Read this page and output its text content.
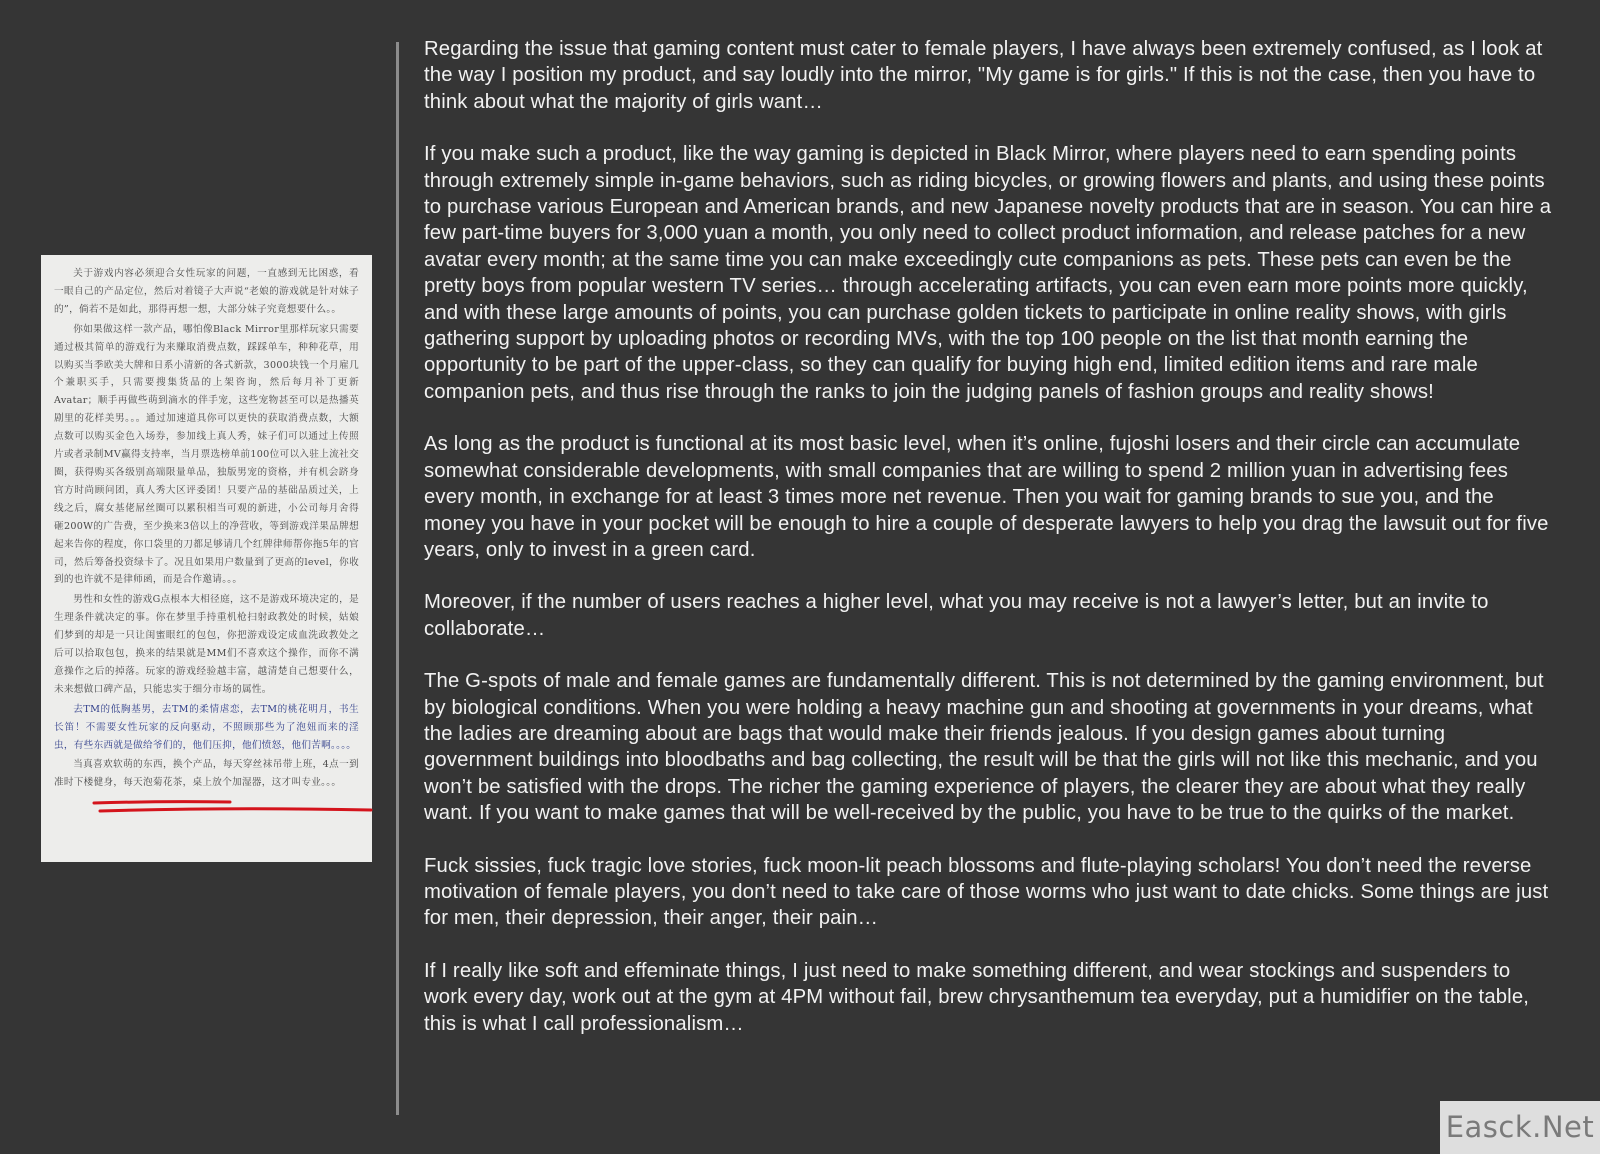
关于游戏内容必须迎合女性玩家的问题，一直感到无比困惑，看一眼自己的产品定位，然后对着镜子大声说“老娘的游戏就是针对妹子的”，倘若不是如此，那得再想一想，大部分妹子究竟想要什么。。

你如果做这样一款产品，哪怕像Black Mirror里那样玩家只需要通过极其简单的游戏行为来赚取消费点数，踩踩单车，种种花草，用以购买当季欧美大牌和日系小清新的各式新款，3000块钱一个月雇几个兼职买手，只需要搜集货品的上架咨询，然后每月补丁更新Avatar；顺手再做些萌到滴水的伴手宠，这些宠物甚至可以是热播英剧里的花样美男。。。通过加速道具你可以更快的获取消费点数，大额点数可以购买金色入场券，参加线上真人秀，妹子们可以通过上传照片或者录制MV赢得支持率，当月票选榜单前100位可以入驻上流社交圈，获得购买各级别高端限量单品，独版男宠的资格，并有机会跻身官方时尚顾问团，真人秀大区评委团！只要产品的基础品质过关，上线之后，腐女基佬屌丝圈可以累积相当可观的新进，小公司每月舍得砸200W的广告费，至少换来3倍以上的净营收，等到游戏洋果品牌想起来告你的程度，你口袋里的刀都足够请几个红牌律师帮你拖5年的官司，然后筹备投资绿卡了。况且如果用户数量到了更高的level，你收到的也许就不是律师函，而是合作邀请。。。

男性和女性的游戏G点根本大相径庭，这不是游戏环境决定的，是生理条件就决定的事。你在梦里手持重机枪扫射政教处的时候，姑娘们梦到的却是一只让闺蜜眼红的包包，你把游戏设定成血洗政教处之后可以拾取包包，换来的结果就是MM们不喜欢这个操作，而你不满意操作之后的掉落。玩家的游戏经验越丰富，越清楚自己想要什么，未来想做口碑产品，只能忠实于细分市场的属性。

去TM的低胸基男，去TM的柔情虐恋，去TM的桃花明月，书生长笛！不需要女性玩家的反向驱动，不照顾那些为了泡妞而来的淫虫，有些东西就是做给爷们的，他们压抑，他们愤怒，他们苦啊。。。。

当真喜欢软萌的东西，换个产品，每天穿丝袜吊带上班，4点一到准时下楼健身，每天泡菊花茶，桌上放个加湿器，这才叫专业。。。

Regarding the issue that gaming content must cater to female players, I have always been extremely confused, as I look at the way I position my product, and say loudly into the mirror, "My game is for girls." If this is not the case, then you have to think about what the majority of girls want…

If you make such a product, like the way gaming is depicted in Black Mirror, where players need to earn spending points through extremely simple in-game behaviors, such as riding bicycles, or growing flowers and plants, and using these points to purchase various European and American brands, and new Japanese novelty products that are in season. You can hire a few part-time buyers for 3,000 yuan a month, you only need to collect product information, and release patches for a new avatar every month; at the same time you can make exceedingly cute companions as pets. These pets can even be the pretty boys from popular western TV series… through accelerating artifacts, you can even earn more points more quickly, and with these large amounts of points, you can purchase golden tickets to participate in online reality shows, with girls gathering support by uploading photos or recording MVs, with the top 100 people on the list that month earning the opportunity to be part of the upper-class, so they can qualify for buying high end, limited edition items and rare male companion pets, and thus rise through the ranks to join the judging panels of fashion groups and reality shows!

As long as the product is functional at its most basic level, when it’s online, fujoshi losers and their circle can accumulate somewhat considerable developments, with small companies that are willing to spend 2 million yuan in advertising fees every month, in exchange for at least 3 times more net revenue. Then you wait for gaming brands to sue you, and the money you have in your pocket will be enough to hire a couple of desperate lawyers to help you drag the lawsuit out for five years, only to invest in a green card.

Moreover, if the number of users reaches a higher level, what you may receive is not a lawyer’s letter, but an invite to collaborate…

The G-spots of male and female games are fundamentally different. This is not determined by the gaming environment, but by biological conditions. When you were holding a heavy machine gun and shooting at governments in your dreams, what the ladies are dreaming about are bags that would make their friends jealous. If you design games about turning government buildings into bloodbaths and bag collecting, the result will be that the girls will not like this mechanic, and you won’t be satisfied with the drops. The richer the gaming experience of players, the clearer they are about what they really want. If you want to make games that will be well-received by the public, you have to be true to the quirks of the market.

Fuck sissies, fuck tragic love stories, fuck moon-lit peach blossoms and flute-playing scholars! You don’t need the reverse motivation of female players, you don’t need to take care of those worms who just want to date chicks. Some things are just for men, their depression, their anger, their pain…

If I really like soft and effeminate things, I just need to make something different, and wear stockings and suspenders to work every day, work out at the gym at 4PM without fail, brew chrysanthemum tea everyday, put a humidifier on the table, this is what I call professionalism…

Easck.Net
